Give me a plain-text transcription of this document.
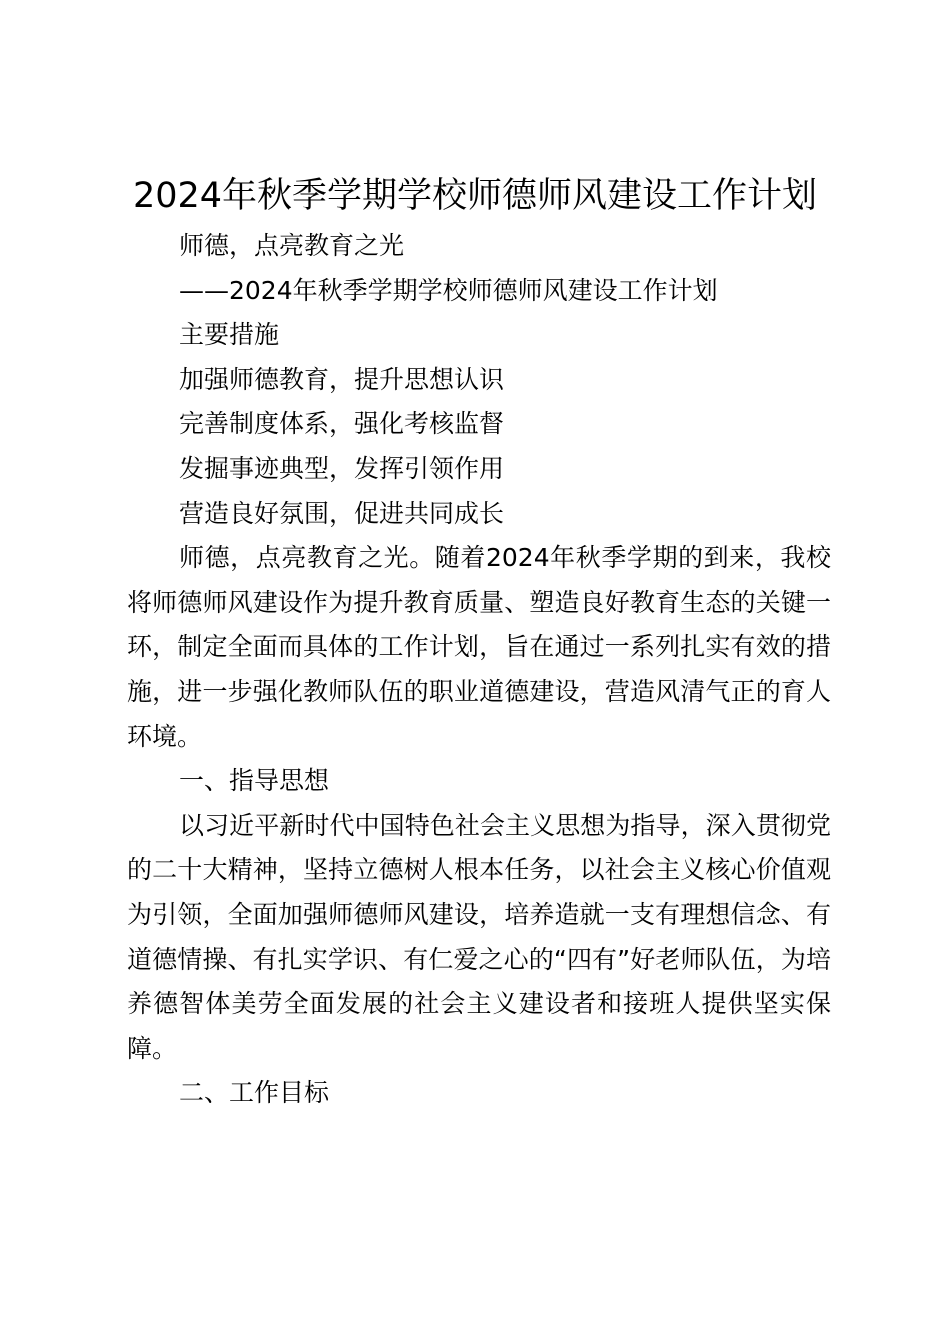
2024年秋季学期学校师德师风建设工作计划

师德，点亮教育之光

——2024年秋季学期学校师德师风建设工作计划

主要措施

加强师德教育，提升思想认识

完善制度体系，强化考核监督

发掘事迹典型，发挥引领作用

营造良好氛围，促进共同成长

师德，点亮教育之光。随着2024年秋季学期的到来，我校将师德师风建设作为提升教育质量、塑造良好教育生态的关键一环，制定全面而具体的工作计划，旨在通过一系列扎实有效的措施，进一步强化教师队伍的职业道德建设，营造风清气正的育人环境。

一、指导思想

以习近平新时代中国特色社会主义思想为指导，深入贯彻党的二十大精神，坚持立德树人根本任务，以社会主义核心价值观为引领，全面加强师德师风建设，培养造就一支有理想信念、有道德情操、有扎实学识、有仁爱之心的“四有”好老师队伍，为培养德智体美劳全面发展的社会主义建设者和接班人提供坚实保障。

二、工作目标
